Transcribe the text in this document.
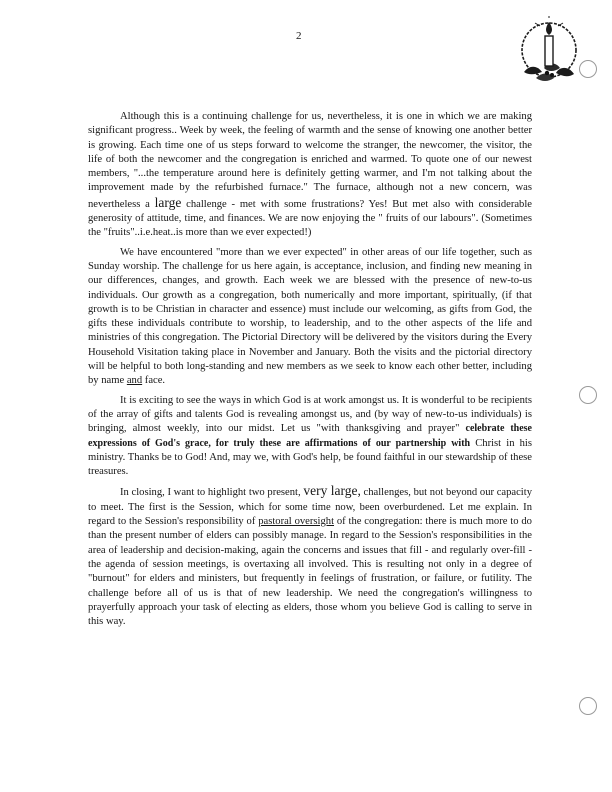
2

Although this is a continuing challenge for us, nevertheless, it is one in which we are making significant progress.. Week by week, the feeling of warmth and the sense of knowing one another better is growing. Each time one of us steps forward to welcome the stranger, the newcomer, the visitor, the life of both the newcomer and the congregation is enriched and warmed. To quote one of our newest members, "...the temperature around here is definitely getting warmer, and I'm not talking about the improvement made by the refurbished furnace." The furnace, although not a new concern, was nevertheless a large challenge - met with some frustrations? Yes! But met also with considerable generosity of attitude, time, and finances. We are now enjoying the " fruits of our labours". (Sometimes the "fruits"..i.e.heat..is more than we ever expected!)

We have encountered "more than we ever expected" in other areas of our life together, such as Sunday worship. The challenge for us here again, is acceptance, inclusion, and finding new meaning in our differences, changes, and growth. Each week we are blessed with the presence of new-to-us individuals. Our growth as a congregation, both numerically and more important, spiritually, (if that growth is to be Christian in character and essence) must include our welcoming, as gifts from God, the gifts these individuals contribute to worship, to leadership, and to the other aspects of the life and ministries of this congregation. The Pictorial Directory will be delivered by the visitors during the Every Household Visitation taking place in November and January. Both the visits and the pictorial directory will be helpful to both long-standing and new members as we seek to know each other better, including by name and face.

It is exciting to see the ways in which God is at work amongst us. It is wonderful to be recipients of the array of gifts and talents God is revealing amongst us, and (by way of new-to-us individuals) is bringing, almost weekly, into our midst. Let us "with thanksgiving and prayer" celebrate these expressions of God's grace, for truly these are affirmations of our partnership with Christ in his ministry. Thanks be to God! And, may we, with God's help, be found faithful in our stewardship of these treasures.

In closing, I want to highlight two present, very large, challenges, but not beyond our capacity to meet. The first is the Session, which for some time now, been overburdened. Let me explain. In regard to the Session's responsibility of pastoral oversight of the congregation: there is much more to do than the present number of elders can possibly manage. In regard to the Session's responsibilities in the area of leadership and decision-making, again the concerns and issues that fill - and regularly over-fill - the agenda of session meetings, is overtaxing all involved. This is resulting not only in a degree of "burnout" for elders and ministers, but frequently in feelings of frustration, or failure, or futility. The challenge before all of us is that of new leadership. We need the congregation's willingness to prayerfully approach your task of electing as elders, those whom you believe God is calling to serve in this way.
